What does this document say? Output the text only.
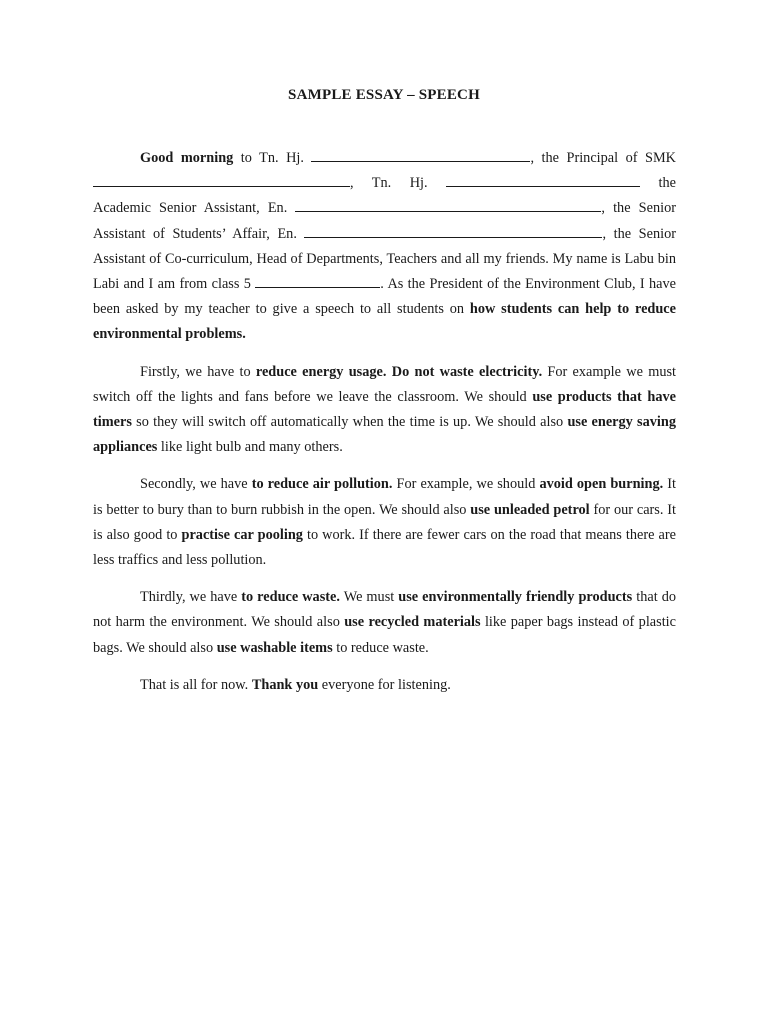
SAMPLE ESSAY – SPEECH

Good morning to Tn. Hj.	, the Principal of SMK , Tn. Hj.	the Academic Senior Assistant, En.	, the Senior Assistant of Students’ Affair, En.	, the Senior Assistant of Co-curriculum, Head of Departments, Teachers and all my friends. My name is Labu bin Labi and I am from class 5	. As the President of the Environment Club, I have been asked by my teacher to give a speech to all students on how students can help to reduce environmental problems.

Firstly, we have to reduce energy usage. Do not waste electricity. For example we must switch off the lights and fans before we leave the classroom. We should use products that have timers so they will switch off automatically when the time is up. We should also use energy saving appliances like light bulb and many others.

Secondly, we have to reduce air pollution. For example, we should avoid open burning. It is better to bury than to burn rubbish in the open. We should also use unleaded petrol for our cars. It is also good to practise car pooling to work. If there are fewer cars on the road that means there are less traffics and less pollution.

Thirdly, we have to reduce waste. We must use environmentally friendly products that do not harm the environment. We should also use recycled materials like paper bags instead of plastic bags. We should also use washable items to reduce waste.

That is all for now. Thank you everyone for listening.
